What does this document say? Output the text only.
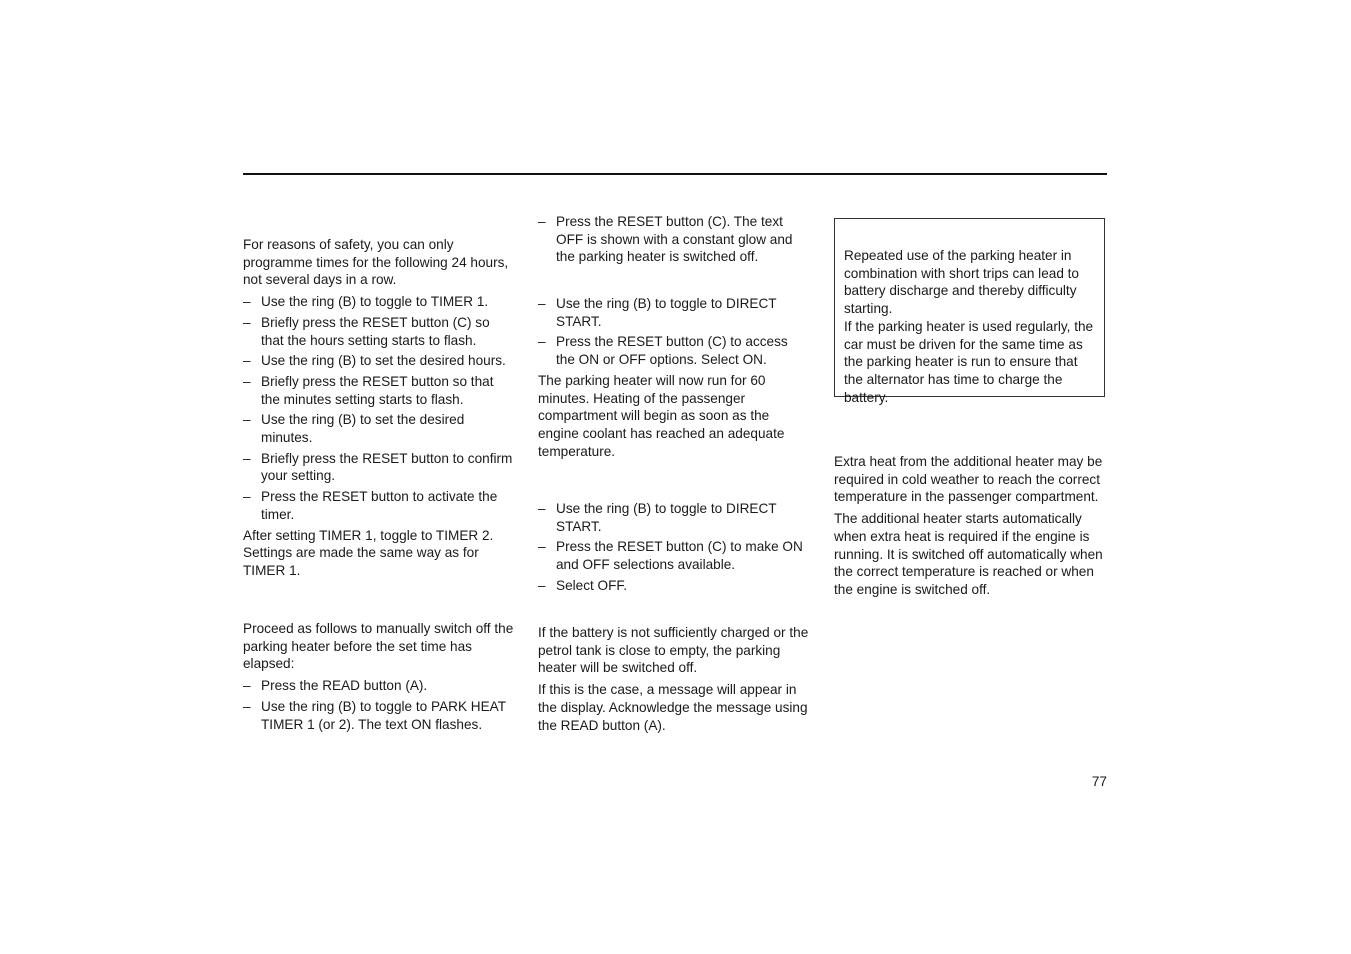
For reasons of safety, you can only programme times for the following 24 hours, not several days in a row.

– Use the ring (B) to toggle to TIMER 1.
– Briefly press the RESET button (C) so that the hours setting starts to flash.
– Use the ring (B) to set the desired hours.
– Briefly press the RESET button so that the minutes setting starts to flash.
– Use the ring (B) to set the desired minutes.
– Briefly press the RESET button to confirm your setting.
– Press the RESET button to activate the timer.

After setting TIMER 1, toggle to TIMER 2. Settings are made the same way as for TIMER 1.

Proceed as follows to manually switch off the parking heater before the set time has elapsed:

– Press the READ button (A).
– Use the ring (B) to toggle to PARK HEAT TIMER 1 (or 2). The text ON flashes.
– Press the RESET button (C). The text OFF is shown with a constant glow and the parking heater is switched off.
– Use the ring (B) to toggle to DIRECT START.
– Press the RESET button (C) to access the ON or OFF options. Select ON.

The parking heater will now run for 60 minutes. Heating of the passenger compartment will begin as soon as the engine coolant has reached an adequate temperature.

– Use the ring (B) to toggle to DIRECT START.
– Press the RESET button (C) to make ON and OFF selections available.
– Select OFF.

If the battery is not sufficiently charged or the petrol tank is close to empty, the parking heater will be switched off.

If this is the case, a message will appear in the display. Acknowledge the message using the READ button (A).

Repeated use of the parking heater in combination with short trips can lead to battery discharge and thereby difficulty starting.

If the parking heater is used regularly, the car must be driven for the same time as the parking heater is run to ensure that the alternator has time to charge the battery.

Extra heat from the additional heater may be required in cold weather to reach the correct temperature in the passenger compartment.

The additional heater starts automatically when extra heat is required if the engine is running. It is switched off automatically when the correct temperature is reached or when the engine is switched off.

77
